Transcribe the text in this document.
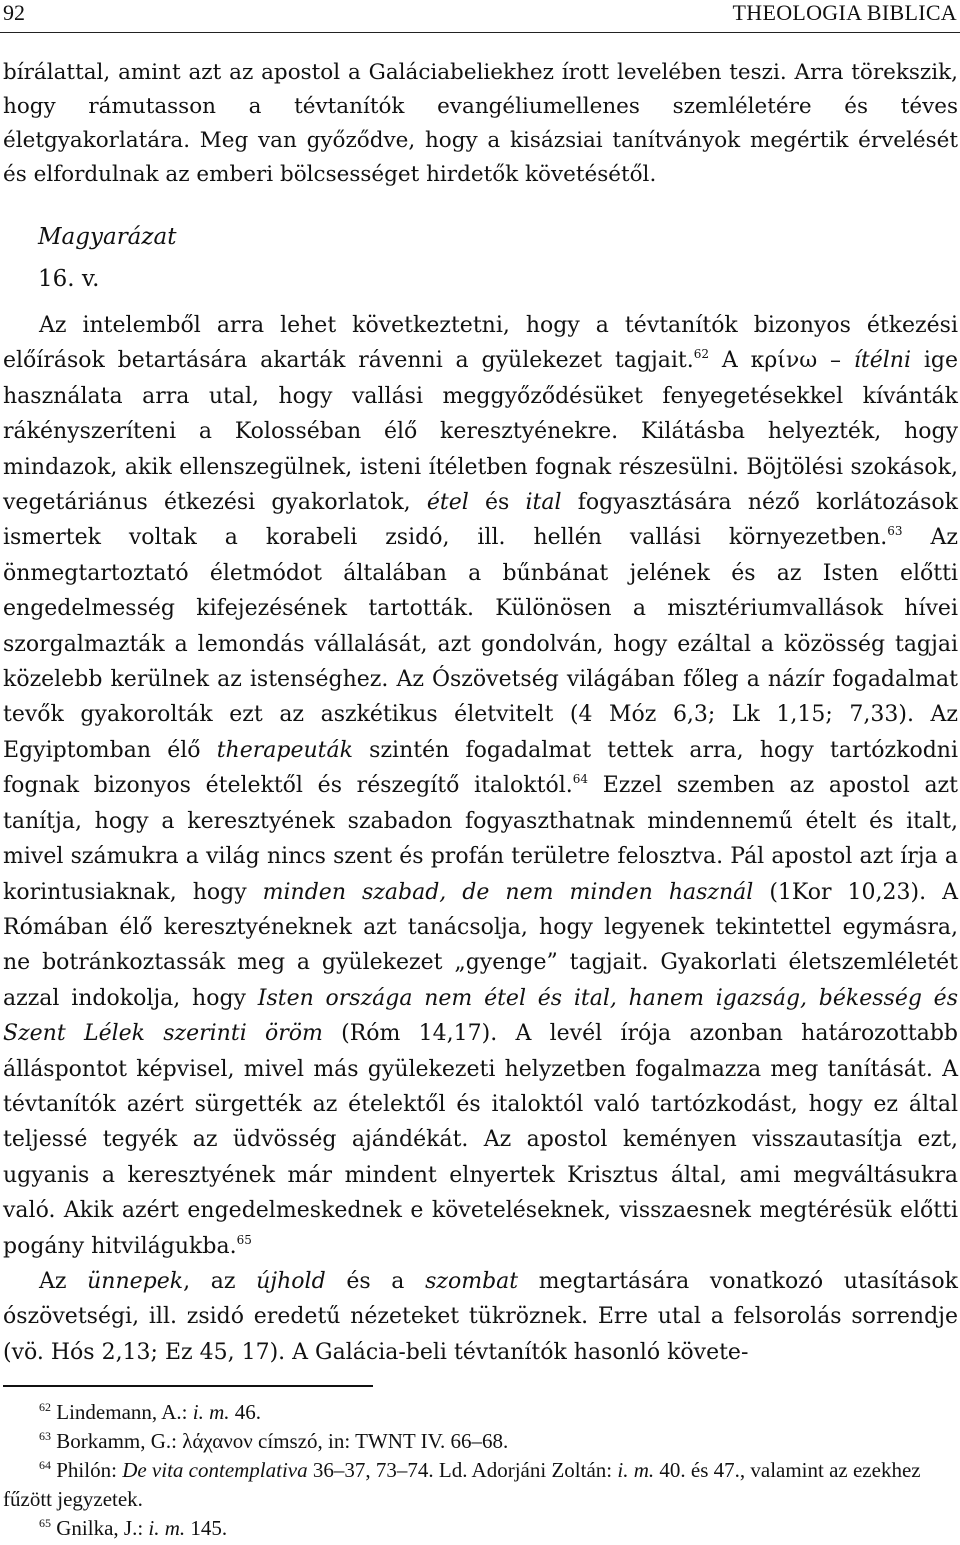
92	THEOLOGIA BIBLICA
bírálattal, amint azt az apostol a Galáciabeliekhez írott levelében teszi. Arra törekszik, hogy rámutasson a tévtanítók evangéliumellenes szemléletére és téves életgyakorlatára. Meg van győződve, hogy a kisázsiai tanítványok megértik érvelését és elfordulnak az emberi bölcsességet hirdetők követésétől.
Magyarázat
16. v.

Az intelemből arra lehet következtetni, hogy a tévtanítók bizonyos étkezési előírások betartására akarták rávenni a gyülekezet tagjait.$^{62}$ A κρίνω – ítélni ige használata arra utal, hogy vallási meggyőződésüket fenyegetésekkel kívánták rákényszeríteni a Kolosséban élő keresztyénekre. Kilátásba helyezték, hogy mindazok, akik ellenszegülnek, isteni ítéletben fognak részesülni. Böjtölési szokások, vegetáriánus étkezési gyakorlatok, étel és ital fogyasztására néző korlátozások ismertek voltak a korabeli zsidó, ill. hellén vallási környezetben.$^{63}$ Az önmegtartoztató életmódot általában a bűnbánat jelének és az Isten előtti engedelmesség kifejezésének tartották. Különösen a misztériumvallások hívei szorgalmazták a lemondás vállalását, azt gondolván, hogy ezáltal a közösség tagjai közelebb kerülnek az istenséghez. Az Ószövetség világában főleg a názír fogadalmat tevők gyakorolták ezt az aszkétikus életvitelt (4 Móz 6,3; Lk 1,15; 7,33). Az Egyiptomban élő therapeuták szintén fogadalmat tettek arra, hogy tartózkodni fognak bizonyos ételektől és részegítő italoktól.$^{64}$ Ezzel szemben az apostol azt tanítja, hogy a keresztyének szabadon fogyaszthatnak mindennemű ételt és italt, mivel számukra a világ nincs szent és profán területre felosztva. Pál apostol azt írja a korintusiaknak, hogy minden szabad, de nem minden használ (1Kor 10,23). A Rómában élő keresztyéneknek azt tanácsolja, hogy legyenek tekintettel egymásra, ne botránkoztassák meg a gyülekezet „gyenge” tagjait. Gyakorlati életszemléletét azzal indokolja, hogy Isten országa nem étel és ital, hanem igazság, békesség és Szent Lélek szerinti öröm (Róm 14,17). A levél írója azonban határozottabb álláspontot képvisel, mivel más gyülekezeti helyzetben fogalmazza meg tanítását. A tévtanítók azért sürgették az ételektől és italoktól való tartózkodást, hogy ez által teljessé tegyék az üdvösség ajándékát. Az apostol keményen visszautasítja ezt, ugyanis a keresztyének már mindent elnyertek Krisztus által, ami megváltásukra való. Akik azért engedelmeskednek e követeléseknek, visszaesnek megtérésük előtti pogány hitvilágukba.$^{65}$

Az ünnepek, az újhold és a szombat megtartására vonatkozó utasítások ószövetségi, ill. zsidó eredetű nézeteket tükröznek. Erre utal a felsorolás sorrendje (vö. Hós 2,13; Ez 45, 17). A Galácia-beli tévtanítók hasonló követe-

$^{62}$ Lindemann, A.: i. m. 46.

$^{63}$ Borkamm, G.: λάχανον címszó, in: TWNT IV. 66–68.

$^{64}$ Philón: De vita contemplativa 36–37, 73–74. Ld. Adorjáni Zoltán: i. m. 40. és 47., valamint az ezekhez fűzött jegyzetek.

$^{65}$ Gnilka, J.: i. m. 145.
